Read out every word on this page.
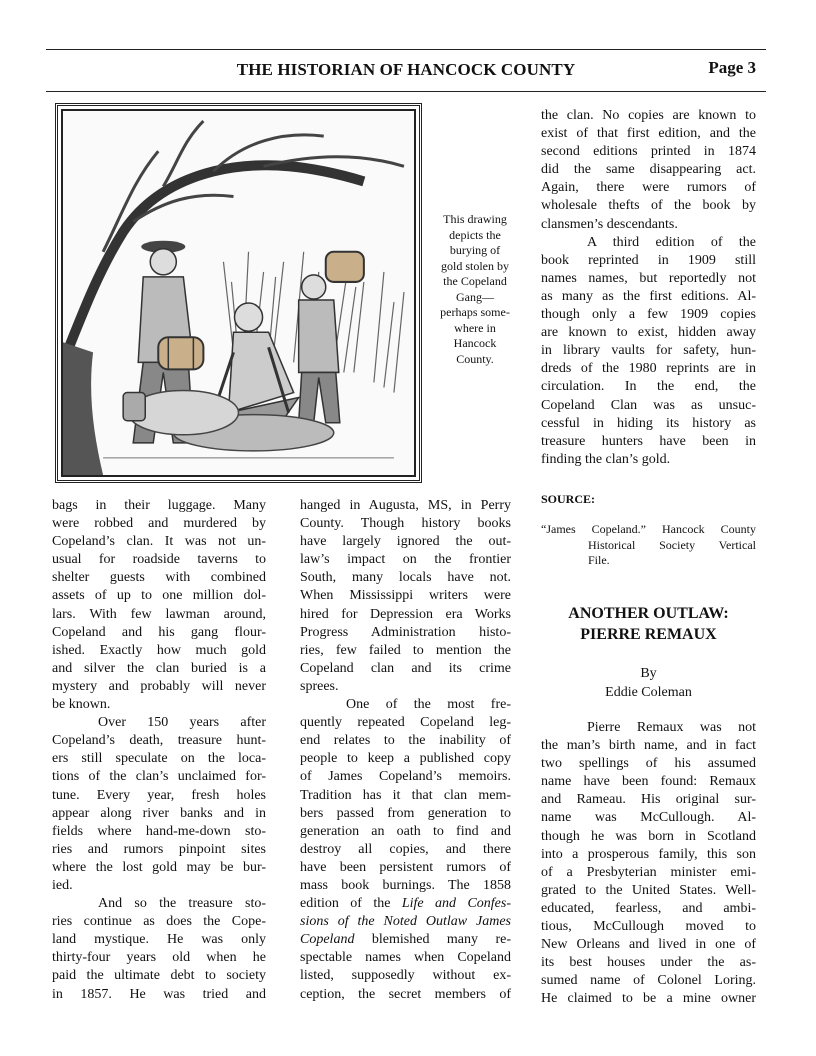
THE HISTORIAN OF HANCOCK COUNTY	Page 3
This drawing
depicts the
burying of
gold stolen by
the Copeland
Gang—
perhaps some-
where in
Hancock
County.
the clan. No copies are known to
exist of that first edition, and the
second editions printed in 1874
did the same disappearing act.
Again, there were rumors of
wholesale thefts of the book by
clansmen’s descendants.
A third edition of the
book reprinted in 1909 still
names names, but reportedly not
as many as the first editions. Al-
though only a few 1909 copies
are known to exist, hidden away
in library vaults for safety, hun-
dreds of the 1980 reprints are in
circulation. In the end, the
Copeland Clan was as unsuc-
cessful in hiding its history as
treasure hunters have been in
finding the clan’s gold.
SOURCE:
“James Copeland.” Hancock County
Historical Society Vertical
File.
ANOTHER OUTLAW:
PIERRE REMAUX
By
Eddie Coleman
Pierre Remaux was not
the man’s birth name, and in fact
two spellings of his assumed
name have been found: Remaux
and Rameau. His original sur-
name was McCullough. Al-
though he was born in Scotland
into a prosperous family, this son
of a Presbyterian minister emi-
grated to the United States. Well-
educated, fearless, and ambi-
tious, McCullough moved to
New Orleans and lived in one of
its best houses under the as-
sumed name of Colonel Loring.
He claimed to be a mine owner
bags in their luggage. Many
were robbed and murdered by
Copeland’s clan. It was not un-
usual for roadside taverns to
shelter guests with combined
assets of up to one million dol-
lars. With few lawman around,
Copeland and his gang flour-
ished. Exactly how much gold
and silver the clan buried is a
mystery and probably will never
be known.
Over 150 years after
Copeland’s death, treasure hunt-
ers still speculate on the loca-
tions of the clan’s unclaimed for-
tune. Every year, fresh holes
appear along river banks and in
fields where hand-me-down sto-
ries and rumors pinpoint sites
where the lost gold may be bur-
ied.
And so the treasure sto-
ries continue as does the Cope-
land mystique. He was only
thirty-four years old when he
paid the ultimate debt to society
in 1857. He was tried and
hanged in Augusta, MS, in Perry
County. Though history books
have largely ignored the out-
law’s impact on the frontier
South, many locals have not.
When Mississippi writers were
hired for Depression era Works
Progress Administration histo-
ries, few failed to mention the
Copeland clan and its crime
sprees.
One of the most fre-
quently repeated Copeland leg-
end relates to the inability of
people to keep a published copy
of James Copeland’s memoirs.
Tradition has it that clan mem-
bers passed from generation to
generation an oath to find and
destroy all copies, and there
have been persistent rumors of
mass book burnings. The 1858
edition of the Life and Confes-
sions of the Noted Outlaw James
Copeland blemished many re-
spectable names when Copeland
listed, supposedly without ex-
ception, the secret members of
